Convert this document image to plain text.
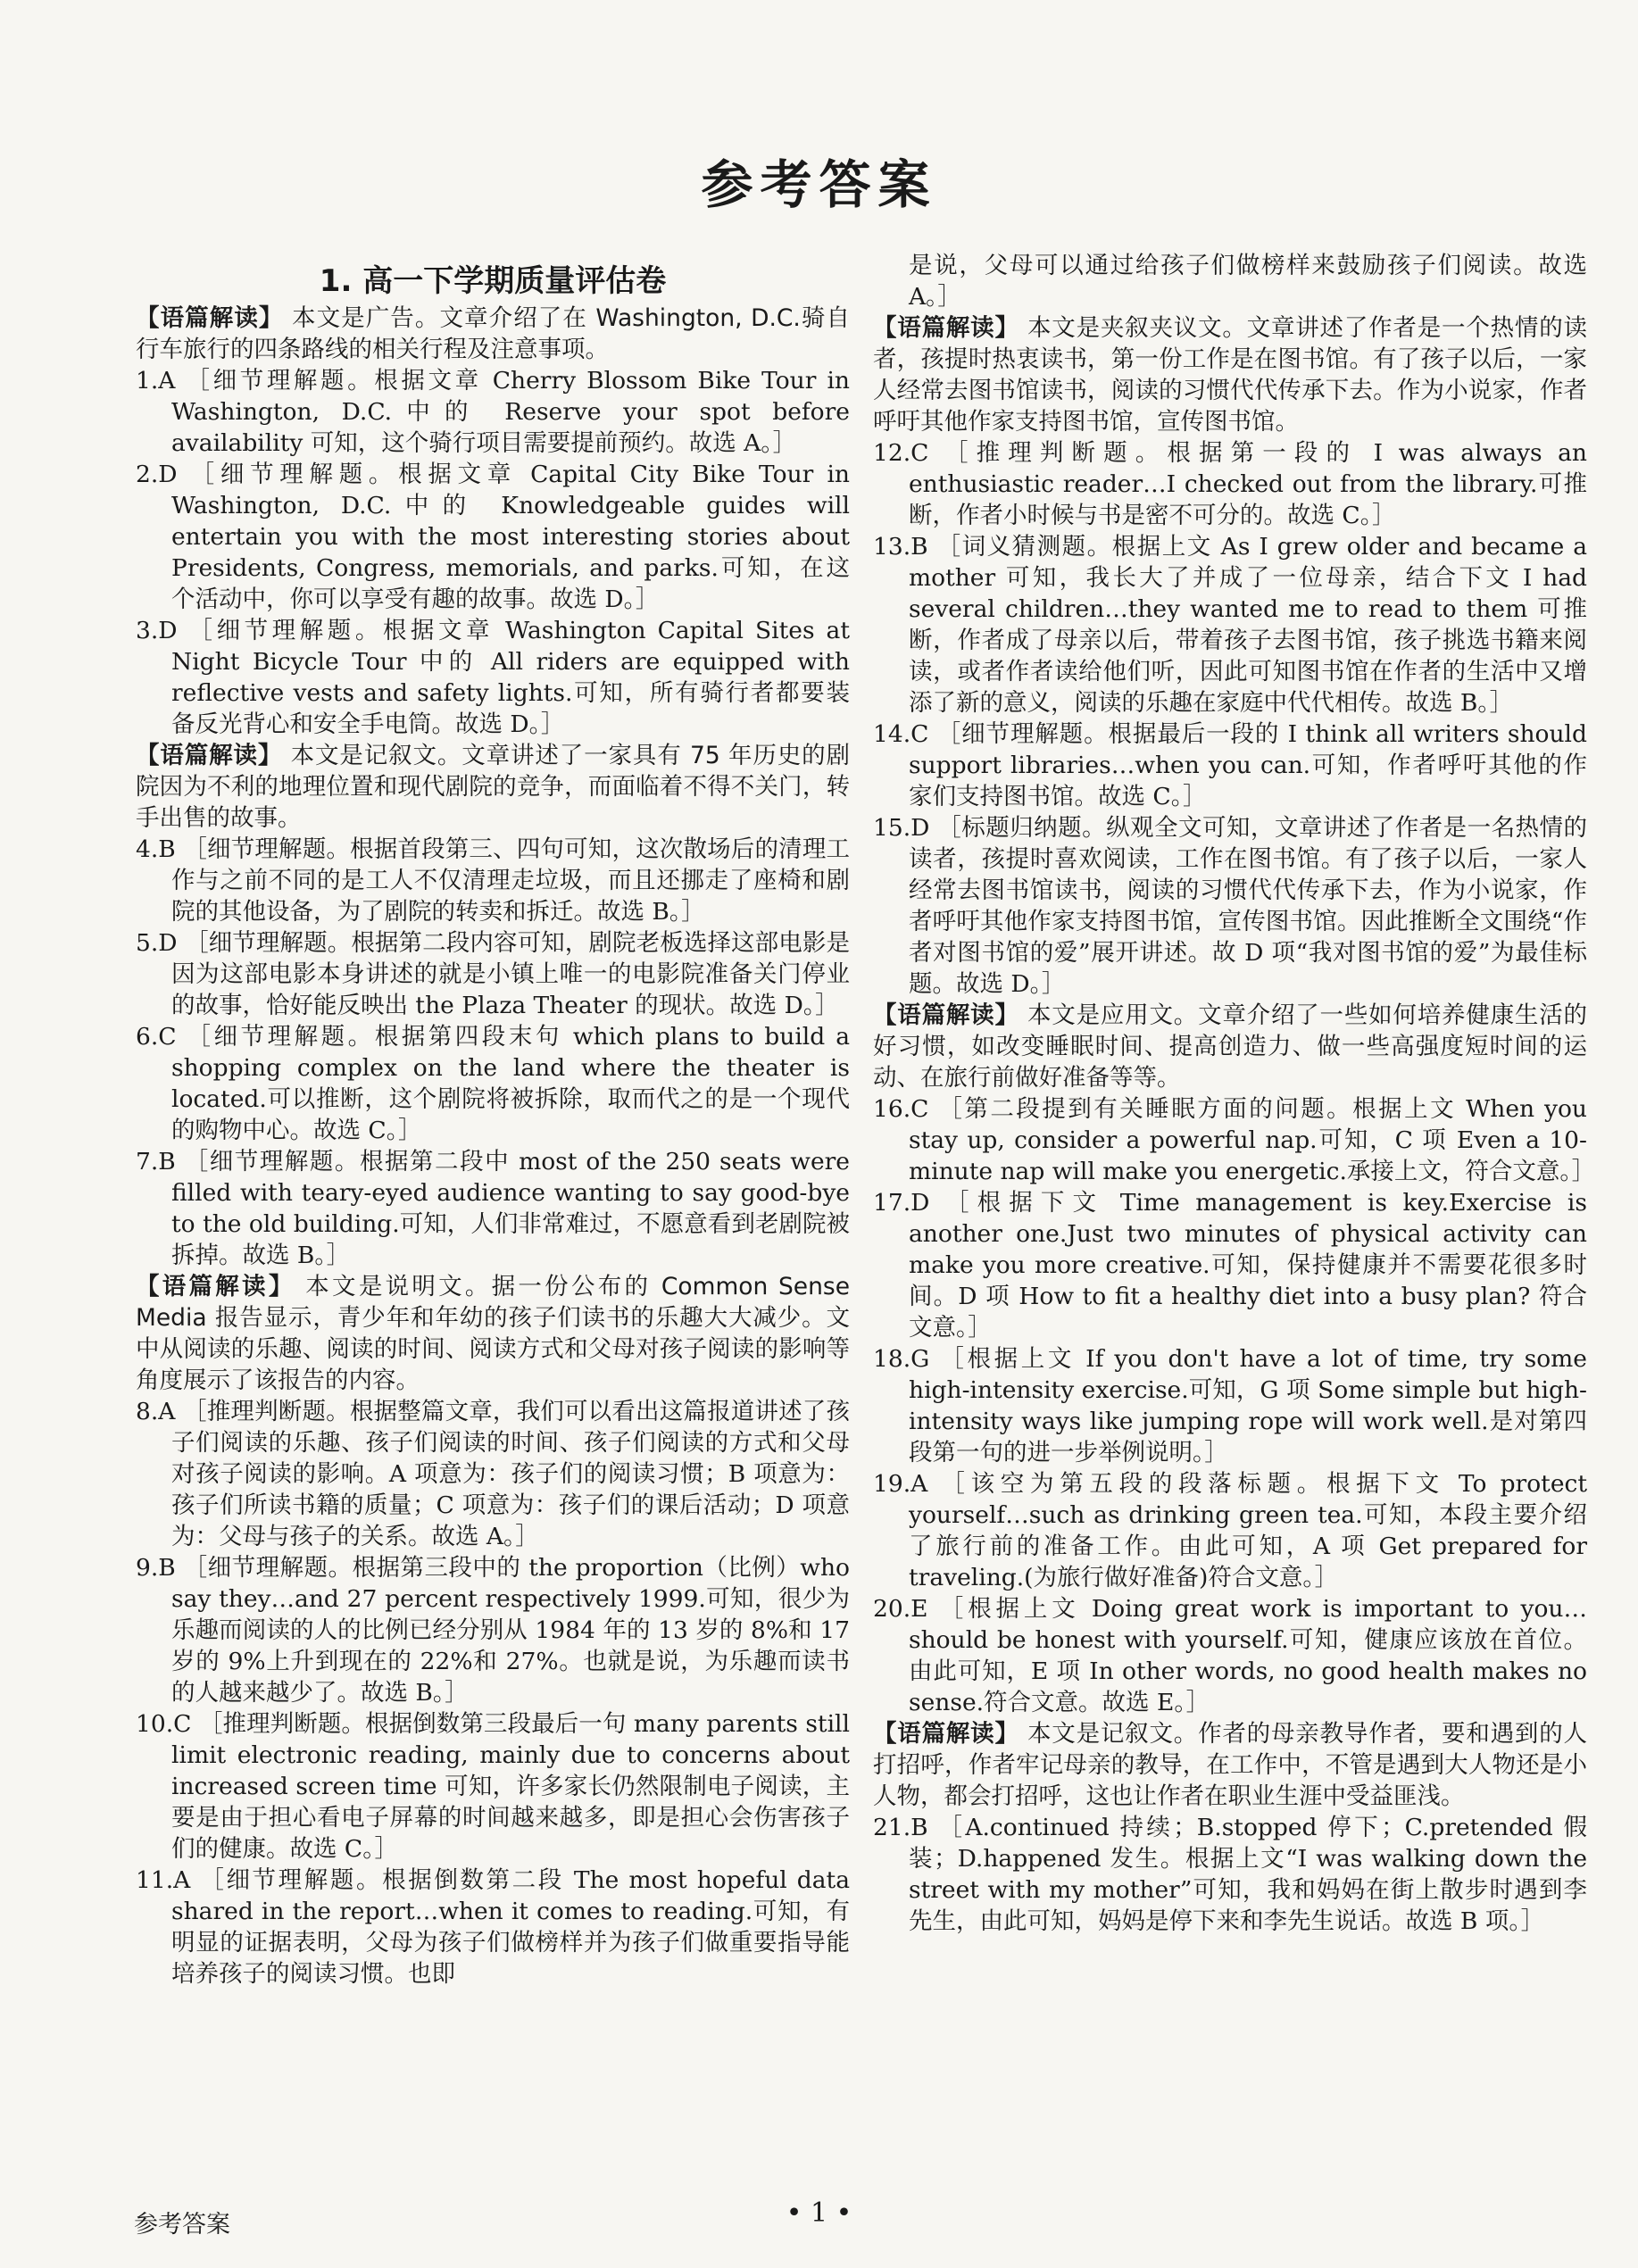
参考答案
1. 高一下学期质量评估卷

【语篇解读】 本文是广告。文章介绍了在 Washington, D.C.骑自行车旅行的四条路线的相关行程及注意事项。

1.A ［细节理解题。根据文章 Cherry Blossom Bike Tour in Washington, D.C.中的 Reserve your spot before availability 可知，这个骑行项目需要提前预约。故选 A。］

2.D ［细节理解题。根据文章 Capital City Bike Tour in Washington, D.C.中的 Knowledgeable guides will entertain you with the most interesting stories about Presidents, Congress, memorials, and parks.可知，在这个活动中，你可以享受有趣的故事。故选 D。］

3.D ［细节理解题。根据文章 Washington Capital Sites at Night Bicycle Tour 中的 All riders are equipped with reflective vests and safety lights.可知，所有骑行者都要装备反光背心和安全手电筒。故选 D。］

【语篇解读】 本文是记叙文。文章讲述了一家具有 75 年历史的剧院因为不利的地理位置和现代剧院的竞争，而面临着不得不关门，转手出售的故事。

4.B ［细节理解题。根据首段第三、四句可知，这次散场后的清理工作与之前不同的是工人不仅清理走垃圾，而且还挪走了座椅和剧院的其他设备，为了剧院的转卖和拆迁。故选 B。］

5.D ［细节理解题。根据第二段内容可知，剧院老板选择这部电影是因为这部电影本身讲述的就是小镇上唯一的电影院准备关门停业的故事，恰好能反映出 the Plaza Theater 的现状。故选 D。］

6.C ［细节理解题。根据第四段末句 which plans to build a shopping complex on the land where the theater is located.可以推断，这个剧院将被拆除，取而代之的是一个现代的购物中心。故选 C。］

7.B ［细节理解题。根据第二段中 most of the 250 seats were filled with teary-eyed audience wanting to say good-bye to the old building.可知，人们非常难过，不愿意看到老剧院被拆掉。故选 B。］

【语篇解读】 本文是说明文。据一份公布的 Common Sense Media 报告显示，青少年和年幼的孩子们读书的乐趣大大减少。文中从阅读的乐趣、阅读的时间、阅读方式和父母对孩子阅读的影响等角度展示了该报告的内容。

8.A ［推理判断题。根据整篇文章，我们可以看出这篇报道讲述了孩子们阅读的乐趣、孩子们阅读的时间、孩子们阅读的方式和父母对孩子阅读的影响。A 项意为：孩子们的阅读习惯；B 项意为：孩子们所读书籍的质量；C 项意为：孩子们的课后活动；D 项意为：父母与孩子的关系。故选 A。］

9.B ［细节理解题。根据第三段中的 the proportion（比例）who say they…and 27 percent respectively 1999.可知，很少为乐趣而阅读的人的比例已经分别从 1984 年的 13 岁的 8%和 17 岁的 9%上升到现在的 22%和 27%。也就是说，为乐趣而读书的人越来越少了。故选 B。］

10.C ［推理判断题。根据倒数第三段最后一句 many parents still limit electronic reading, mainly due to concerns about increased screen time 可知，许多家长仍然限制电子阅读，主要是由于担心看电子屏幕的时间越来越多，即是担心会伤害孩子们的健康。故选 C。］

11.A ［细节理解题。根据倒数第二段 The most hopeful data shared in the report…when it comes to reading.可知，有明显的证据表明，父母为孩子们做榜样并为孩子们做重要指导能培养孩子的阅读习惯。也即

是说，父母可以通过给孩子们做榜样来鼓励孩子们阅读。故选 A。］

【语篇解读】 本文是夹叙夹议文。文章讲述了作者是一个热情的读者，孩提时热衷读书，第一份工作是在图书馆。有了孩子以后，一家人经常去图书馆读书，阅读的习惯代代传承下去。作为小说家，作者呼吁其他作家支持图书馆，宣传图书馆。

12.C ［推理判断题。根据第一段的 I was always an enthusiastic reader…I checked out from the library.可推断，作者小时候与书是密不可分的。故选 C。］

13.B ［词义猜测题。根据上文 As I grew older and became a mother 可知，我长大了并成了一位母亲，结合下文 I had several children…they wanted me to read to them 可推断，作者成了母亲以后，带着孩子去图书馆，孩子挑选书籍来阅读，或者作者读给他们听，因此可知图书馆在作者的生活中又增添了新的意义，阅读的乐趣在家庭中代代相传。故选 B。］

14.C ［细节理解题。根据最后一段的 I think all writers should support libraries…when you can.可知，作者呼吁其他的作家们支持图书馆。故选 C。］

15.D ［标题归纳题。纵观全文可知，文章讲述了作者是一名热情的读者，孩提时喜欢阅读，工作在图书馆。有了孩子以后，一家人经常去图书馆读书，阅读的习惯代代传承下去，作为小说家，作者呼吁其他作家支持图书馆，宣传图书馆。因此推断全文围绕“作者对图书馆的爱”展开讲述。故 D 项“我对图书馆的爱”为最佳标题。故选 D。］

【语篇解读】 本文是应用文。文章介绍了一些如何培养健康生活的好习惯，如改变睡眠时间、提高创造力、做一些高强度短时间的运动、在旅行前做好准备等等。

16.C ［第二段提到有关睡眠方面的问题。根据上文 When you stay up, consider a powerful nap.可知，C 项 Even a 10-minute nap will make you energetic.承接上文，符合文意。］

17.D ［根据下文 Time management is key.Exercise is another one.Just two minutes of physical activity can make you more creative.可知，保持健康并不需要花很多时间。D 项 How to fit a healthy diet into a busy plan? 符合文意。］

18.G ［根据上文 If you don't have a lot of time, try some high-intensity exercise.可知，G 项 Some simple but high-intensity ways like jumping rope will work well.是对第四段第一句的进一步举例说明。］

19.A ［该空为第五段的段落标题。根据下文 To protect yourself…such as drinking green tea.可知，本段主要介绍了旅行前的准备工作。由此可知，A 项 Get prepared for traveling.(为旅行做好准备)符合文意。］

20.E ［根据上文 Doing great work is important to you…should be honest with yourself.可知，健康应该放在首位。由此可知，E 项 In other words, no good health makes no sense.符合文意。故选 E。］

【语篇解读】 本文是记叙文。作者的母亲教导作者，要和遇到的人打招呼，作者牢记母亲的教导，在工作中，不管是遇到大人物还是小人物，都会打招呼，这也让作者在职业生涯中受益匪浅。

21.B ［A.continued 持续；B.stopped 停下；C.pretended 假装；D.happened 发生。根据上文“I was walking down the street with my mother”可知，我和妈妈在街上散步时遇到李先生，由此可知，妈妈是停下来和李先生说话。故选 B 项。］

参考答案	• 1 •
